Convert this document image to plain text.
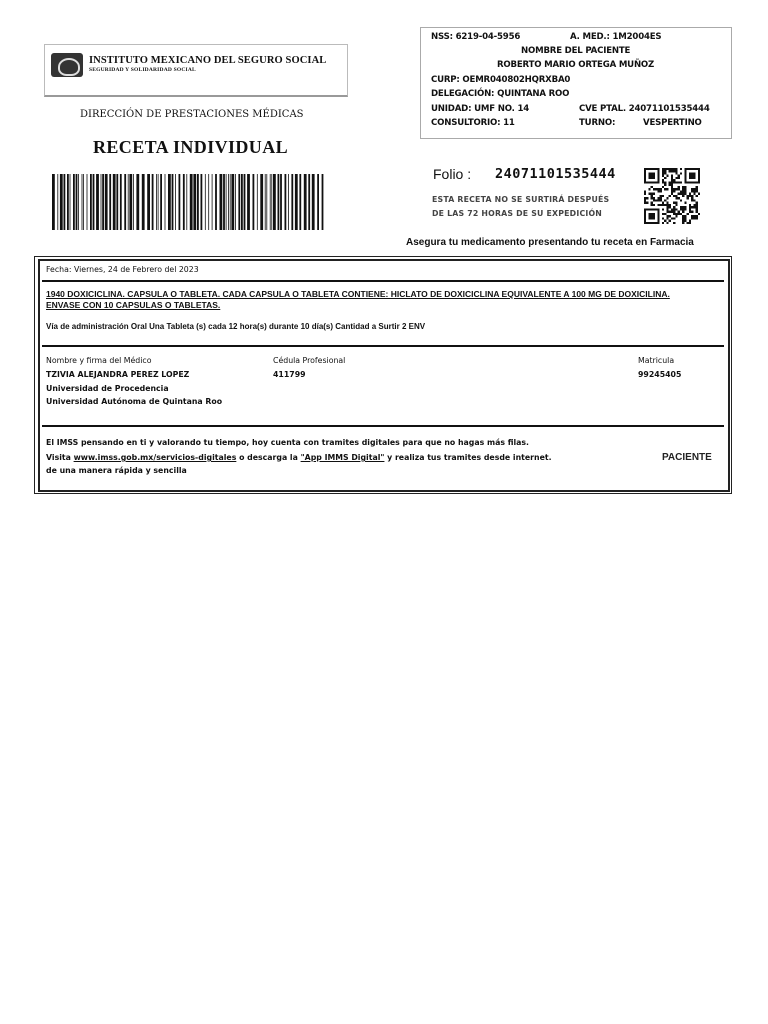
INSTITUTO MEXICANO DEL SEGURO SOCIAL
SEGURIDAD Y SOLIDARIDAD SOCIAL
DIRECCIÓN DE PRESTACIONES MÉDICAS
RECETA INDIVIDUAL
NSS: 6219-04-5956	A. MED.: 1M2004ES
NOMBRE DEL PACIENTE
ROBERTO MARIO ORTEGA MUÑOZ
CURP: OEMR040802HQRXBA0
DELEGACIÓN: QUINTANA ROO
UNIDAD: UMF NO. 14	CVE PTAL. 24071101535444
CONSULTORIO: 11	TURNO:	VESPERTINO
Folio : 24071101535444
ESTA RECETA NO SE SURTIRÁ DESPUÉS
DE LAS 72 HORAS DE SU EXPEDICIÓN
Asegura tu medicamento presentando tu receta en Farmacia
Fecha: Viernes, 24 de Febrero del 2023
1940 DOXICICLINA. CAPSULA O TABLETA. CADA CAPSULA O TABLETA CONTIENE: HICLATO DE DOXICICLINA EQUIVALENTE A 100 MG DE DOXICILINA.
ENVASE CON 10 CAPSULAS O TABLETAS.
Vía de administración Oral Una Tableta (s) cada 12 hora(s) durante 10 día(s) Cantidad a Surtir 2 ENV
Nombre y firma del Médico
TZIVIA ALEJANDRA PEREZ LOPEZ
Universidad de Procedencia
Universidad Autónoma de Quintana Roo
Cédula Profesional
411799
Matricula
99245405
El IMSS pensando en ti y valorando tu tiempo, hoy cuenta con tramites digitales para que no hagas más filas.
Visita www.imss.gob.mx/servicios-digitales o descarga la "App IMMS Digital" y realiza tus tramites desde internet.
de una manera rápida y sencilla
PACIENTE
